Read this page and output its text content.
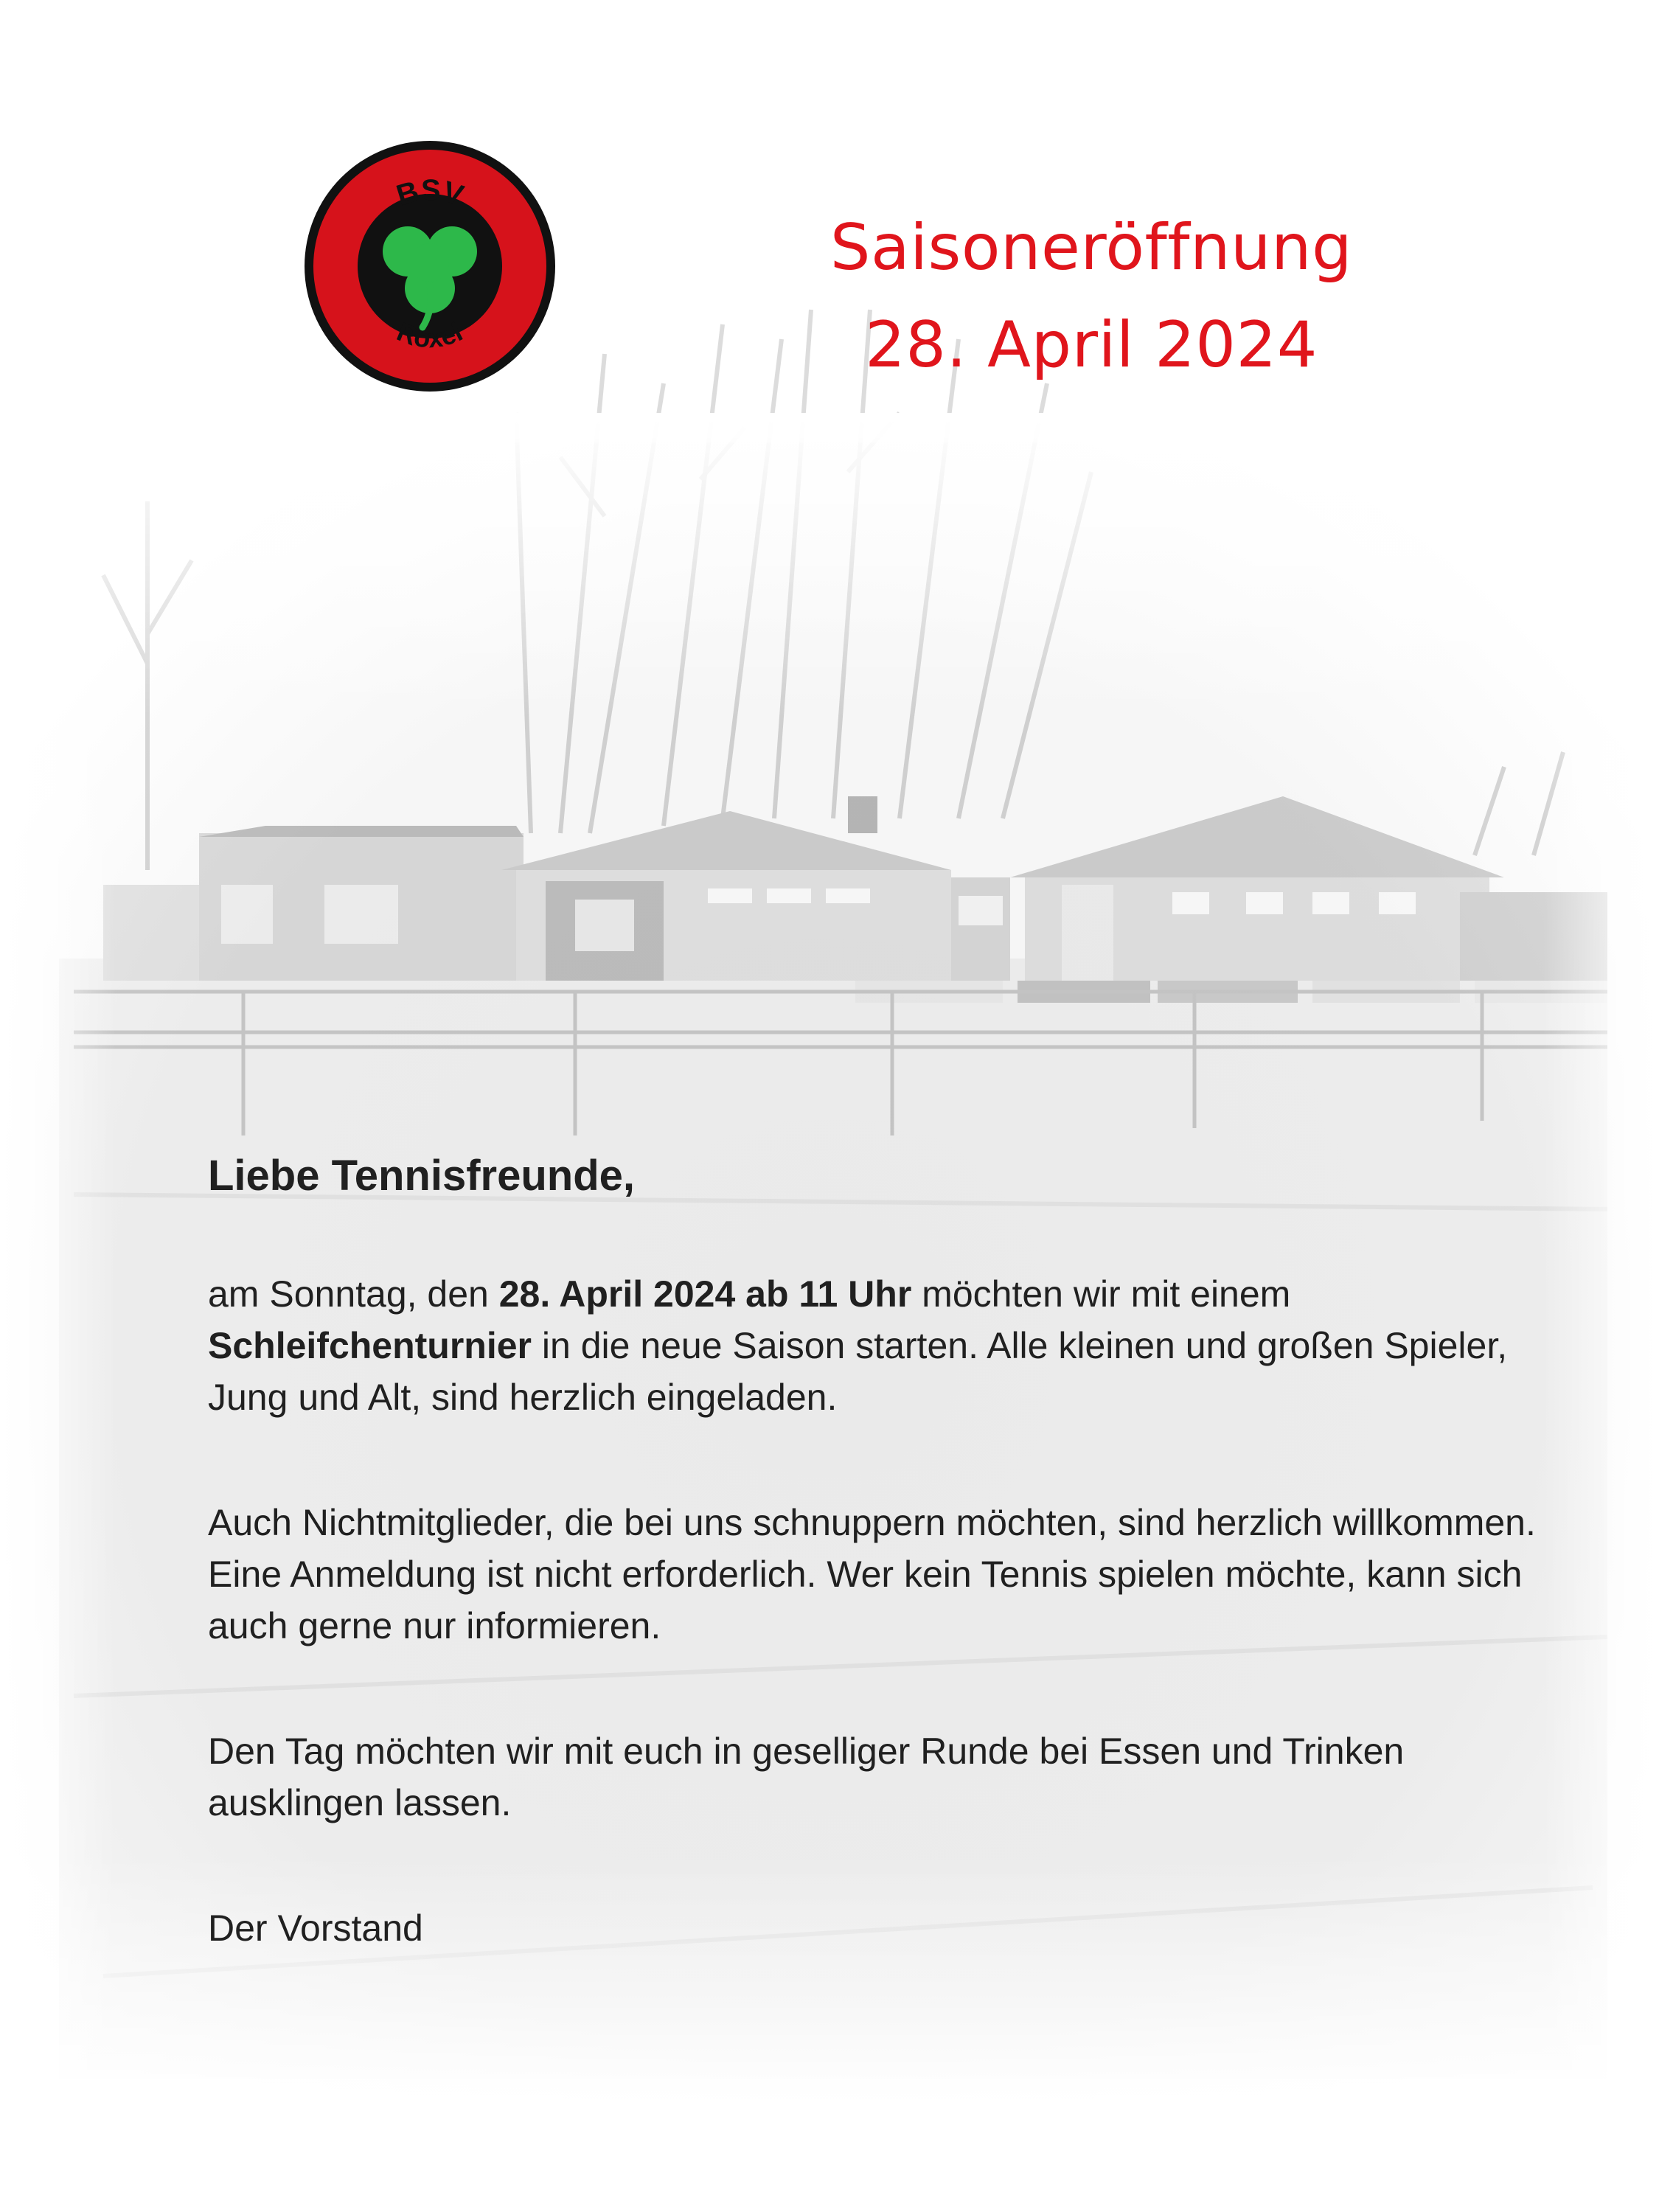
BSV
Roxel
Saisoneröffnung
28. April 2024

Liebe Tennisfreunde,

am Sonntag, den 28. April 2024 ab 11 Uhr möchten wir mit einem Schleifchenturnier in die neue Saison starten. Alle kleinen und großen Spieler, Jung und Alt, sind herzlich eingeladen.

Auch Nichtmitglieder, die bei uns schnuppern möchten, sind herzlich willkommen. Eine Anmeldung ist nicht erforderlich. Wer kein Tennis spielen möchte, kann sich auch gerne nur informieren.

Den Tag möchten wir mit euch in geselliger Runde bei Essen und Trinken ausklingen lassen.

Der Vorstand
